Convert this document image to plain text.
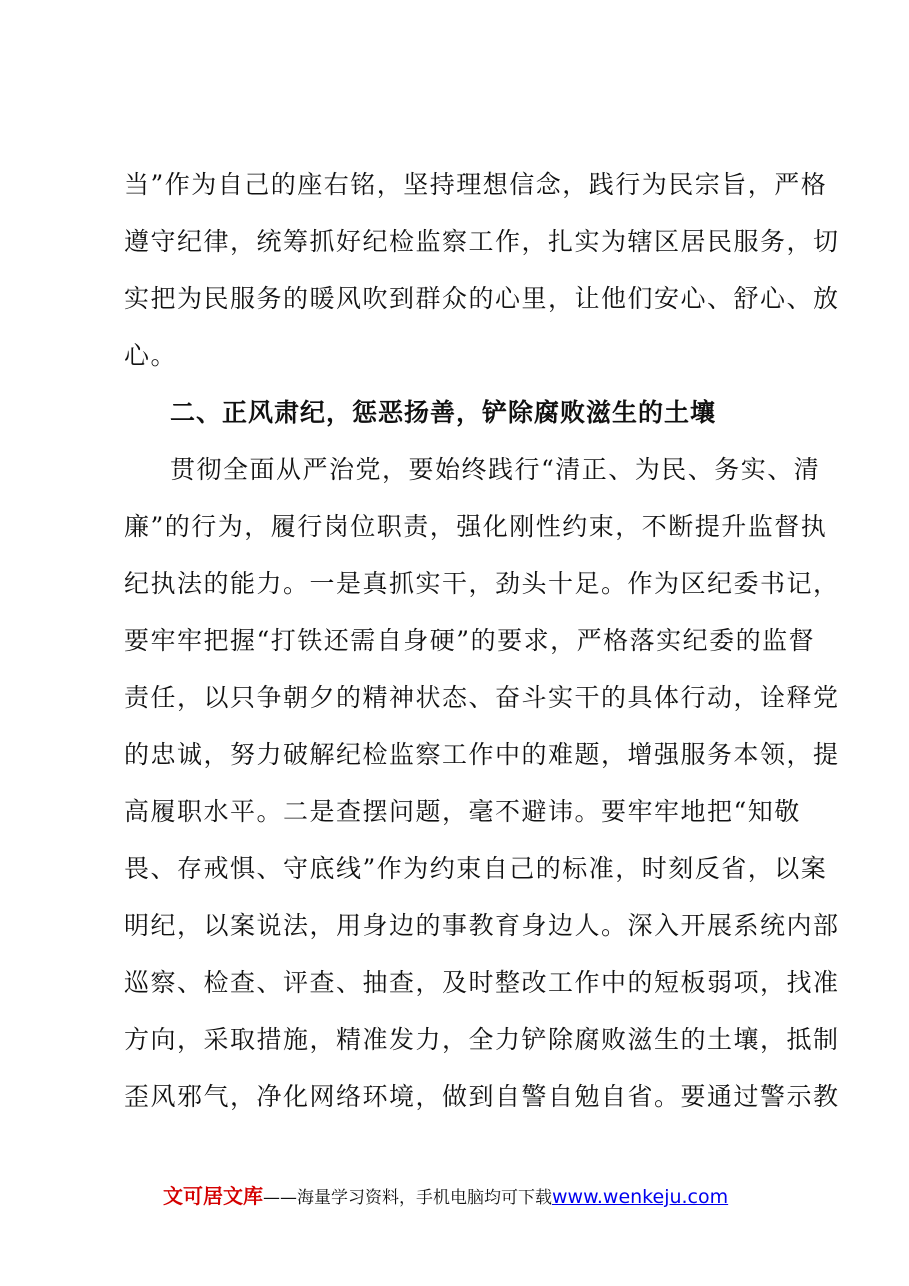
当”作为自己的座右铭，坚持理想信念，践行为民宗旨，严格
遵守纪律，统筹抓好纪检监察工作，扎实为辖区居民服务，切
实把为民服务的暖风吹到群众的心里，让他们安心、舒心、放
心。
二、正风肃纪，惩恶扬善，铲除腐败滋生的土壤
贯彻全面从严治党，要始终践行“清正、为民、务实、清
廉”的行为，履行岗位职责，强化刚性约束，不断提升监督执
纪执法的能力。一是真抓实干，劲头十足。作为区纪委书记，
要牢牢把握“打铁还需自身硬”的要求，严格落实纪委的监督
责任，以只争朝夕的精神状态、奋斗实干的具体行动，诠释党
的忠诚，努力破解纪检监察工作中的难题，增强服务本领，提
高履职水平。二是查摆问题，毫不避讳。要牢牢地把“知敬
畏、存戒惧、守底线”作为约束自己的标准，时刻反省，以案
明纪，以案说法，用身边的事教育身边人。深入开展系统内部
巡察、检查、评查、抽查，及时整改工作中的短板弱项，找准
方向，采取措施，精准发力，全力铲除腐败滋生的土壤，抵制
歪风邪气，净化网络环境，做到自警自勉自省。要通过警示教
文可居文库——海量学习资料，手机电脑均可下载www.wenkeju.com
